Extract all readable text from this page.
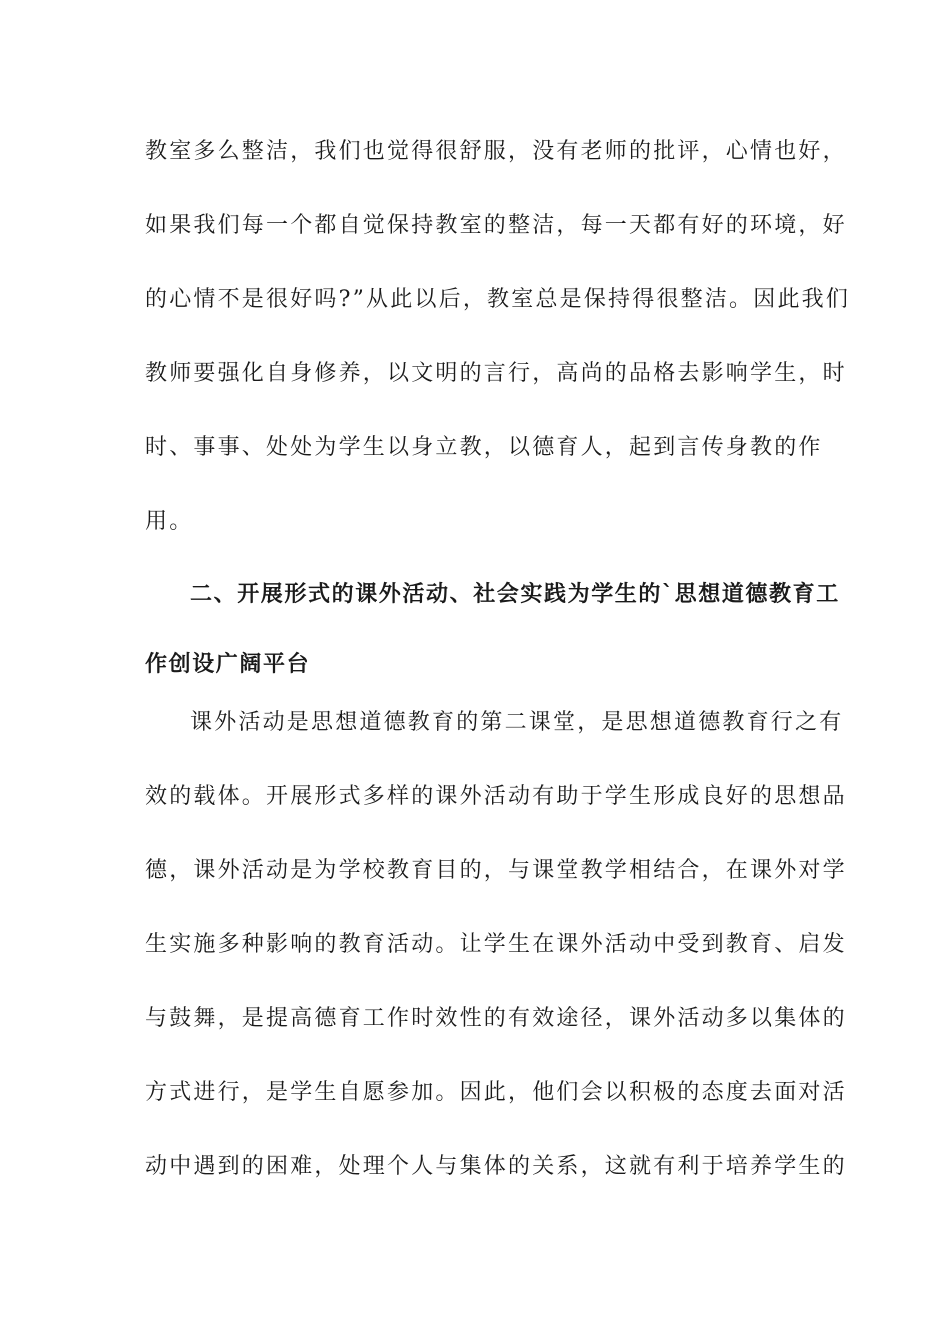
教室多么整洁，我们也觉得很舒服，没有老师的批评，心情也好，
如果我们每一个都自觉保持教室的整洁，每一天都有好的环境，好
的心情不是很好吗?”从此以后，教室总是保持得很整洁。因此我们
教师要强化自身修养，以文明的言行，高尚的品格去影响学生，时
时、事事、处处为学生以身立教，以德育人，起到言传身教的作
用。
二、开展形式的课外活动、社会实践为学生的`思想道德教育工
作创设广阔平台
课外活动是思想道德教育的第二课堂，是思想道德教育行之有
效的载体。开展形式多样的课外活动有助于学生形成良好的思想品
德，课外活动是为学校教育目的，与课堂教学相结合，在课外对学
生实施多种影响的教育活动。让学生在课外活动中受到教育、启发
与鼓舞，是提高德育工作时效性的有效途径，课外活动多以集体的
方式进行，是学生自愿参加。因此，他们会以积极的态度去面对活
动中遇到的困难，处理个人与集体的关系，这就有利于培养学生的
